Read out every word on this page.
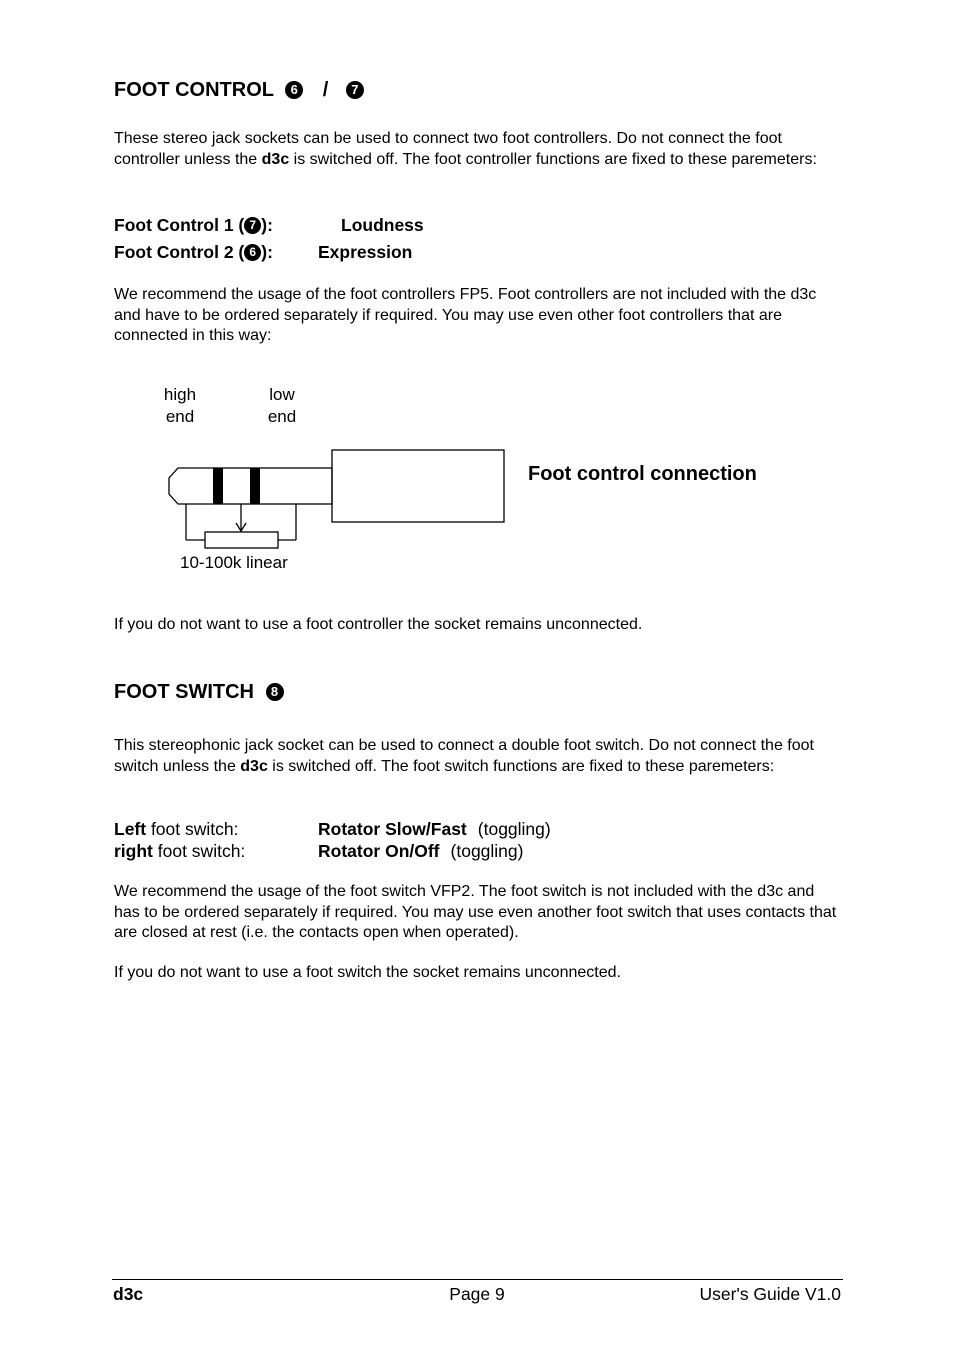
FOOT CONTROL 6 / 7
These stereo jack sockets can be used to connect two foot controllers. Do not connect the foot controller unless the d3c is switched off. The foot controller functions are fixed to these paremeters:
Foot Control 1 ( 7 ):	Loudness
Foot Control 2 ( 6 ):	Expression
We recommend the usage of the foot controllers FP5. Foot controllers are not included with the d3c and have to be ordered separately if required. You may use even other foot controllers that are connected in this way:
high
end
low
end
10-100k linear
Foot control connection
If you do not want to use a foot controller the socket remains unconnected.
FOOT SWITCH 8
This stereophonic jack socket can be used to connect a double foot switch. Do not connect the foot switch unless the d3c is switched off. The foot switch functions are fixed to these paremeters:
Left foot switch:	Rotator Slow/Fast (toggling)
right foot switch:	Rotator On/Off (toggling)
We recommend the usage of the foot switch VFP2. The foot switch is not included with the d3c and has to be ordered separately if required. You may use even another foot switch that uses contacts that are closed at rest (i.e. the contacts open when operated).
If you do not want to use a foot switch the socket remains unconnected.
d3c	Page 9	User's Guide V1.0
